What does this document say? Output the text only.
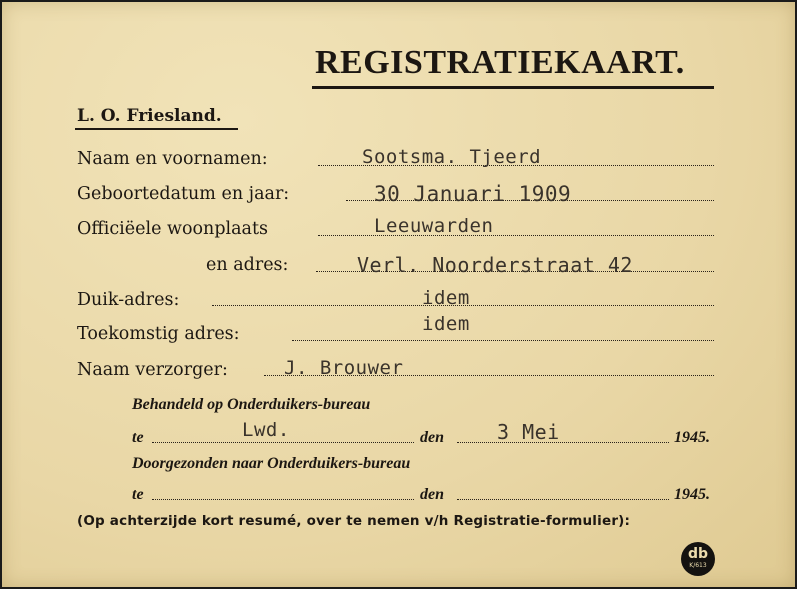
REGISTRATIEKAART.
L. O. Friesland.
Naam en voornamen:	Sootsma. Tjeerd
Geboortedatum en jaar:	30 Januari 1909
Officiëele woonplaats	Leeuwarden
en adres:	Verl. Noorderstraat 42
Duik-adres:	idem
Toekomstig adres:	idem
Naam verzorger:	J. Brouwer
Behandeld op Onderduikers-bureau
te	Lwd.	den	3 Mei	1945.
Doorgezonden naar Onderduikers-bureau
te	den	1945.
(Op achterzijde kort resumé, over te nemen v/h Registratie-formulier):
db
K/613
